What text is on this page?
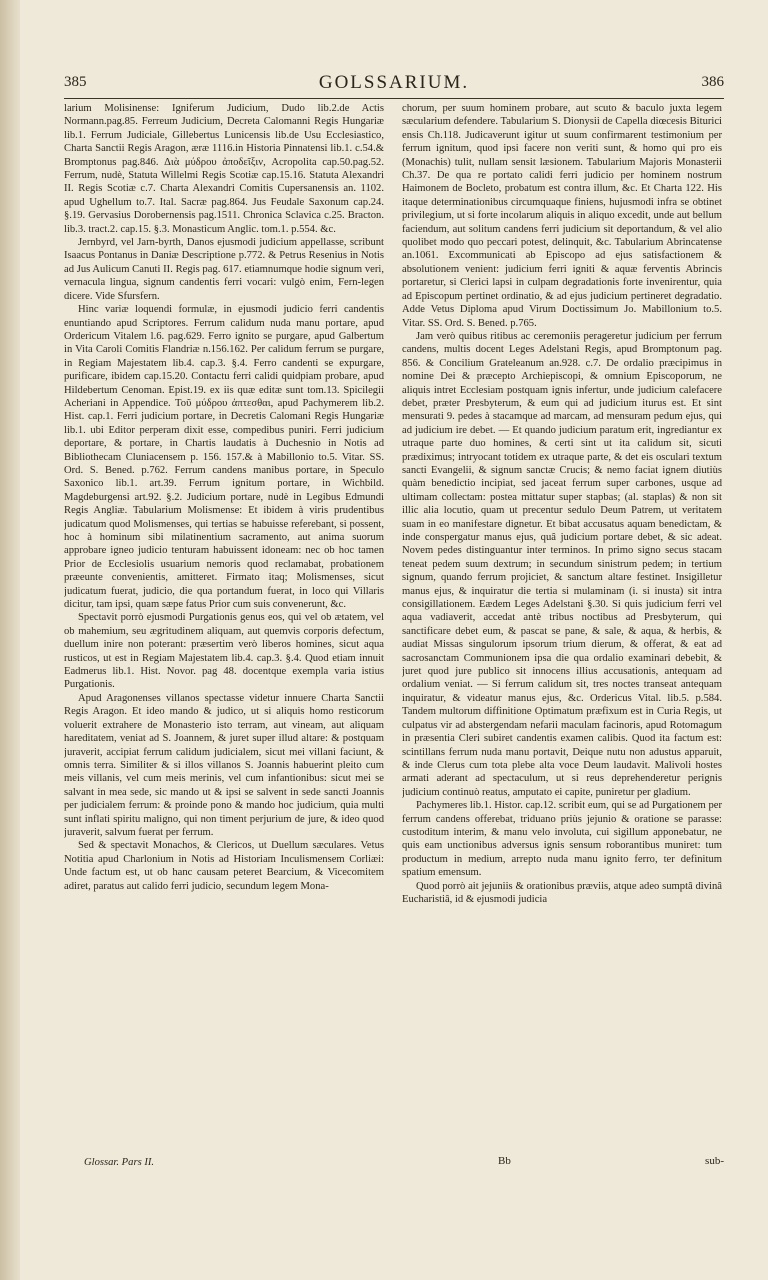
385	GOLSSARIUM.	386

larium Molisinense: Igniferum Judicium, Dudo lib.2.de Actis Normann.pag.85. Ferreum Judicium, Decreta Calomanni Regis Hungariæ lib.1. Ferrum Judiciale, Gillebertus Lunicensis lib.de Usu Ecclesiastico, Charta Sanctii Regis Aragon, æræ 1116.in Historia Pinnatensi lib.1. c.54.& Bromptonus pag.846. Διὰ μύδρου ἀποδεῖξιν, Acropolita cap.50.pag.52. Ferrum, nudè, Statuta Willelmi Regis Scotiæ cap.15.16. Statuta Alexandri II. Regis Scotiæ c.7. Charta Alexandri Comitis Cupersanensis an. 1102. apud Ughellum to.7. Ital. Sacræ pag.864. Jus Feudale Saxonum cap.24. §.19. Gervasius Dorobernensis pag.1511. Chronica Sclavica c.25. Bracton. lib.3. tract.2. cap.15. §.3. Monasticum Anglic. tom.1. p.554. &c.

Jernbyrd, vel Jarn-byrth, Danos ejusmodi judicium appellasse, scribunt Isaacus Pontanus in Daniæ Descriptione p.772. & Petrus Resenius in Notis ad Jus Aulicum Canuti II. Regis pag. 617. etiamnumque hodie signum veri, vernacula lingua, signum candentis ferri vocari: vulgò enim, Fern-legen dicere. Vide Sfursfern.

Hinc variæ loquendi formulæ, in ejusmodi judicio ferri candentis enuntiando apud Scriptores. Ferrum calidum nuda manu portare, apud Ordericum Vitalem l.6. pag.629. Ferro ignito se purgare, apud Galbertum in Vita Caroli Comitis Flandriæ n.156.162. Per calidum ferrum se purgare, in Regiam Majestatem lib.4. cap.3. §.4. Ferro candenti se expurgare, purificare, ibidem cap.15.20. Contactu ferri calidi quidpiam probare, apud Hildebertum Cenoman. Epist.19. ex iis quæ editæ sunt tom.13. Spicilegii Acheriani in Appendice. Τοῦ μύδρου ἀπτεσθαι, apud Pachymerem lib.2. Hist. cap.1. Ferri judicium portare, in Decretis Calomani Regis Hungariæ lib.1. ubi Editor perperam dixit esse, compedibus puniri. Ferri judicium deportare, & portare, in Chartis laudatis à Duchesnio in Notis ad Bibliothecam Cluniacensem p. 156. 157.& à Mabillonio to.5. Vitar. SS. Ord. S. Bened. p.762. Ferrum candens manibus portare, in Speculo Saxonico lib.1. art.39. Ferrum ignitum portare, in Wichbild. Magdeburgensi art.92. §.2. Judicium portare, nudè in Legibus Edmundi Regis Angliæ. Tabularium Molismense: Et ibidem à viris prudentibus judicatum quod Molismenses, qui tertias se habuisse referebant, si possent, hoc à hominum sibi milatinentium sacramento, aut anima suorum approbare igneo judicio tenturam habuissent idoneam: nec ob hoc tamen Prior de Ecclesiolis usuarium nemoris quod reclamabat, probationem præeunte convenientis, amitteret. Firmato itaq; Molismenses, sicut judicatum fuerat, judicio, die qua portandum fuerat, in loco qui Villaris dicitur, tam ipsi, quam sæpe fatus Prior cum suis convenerunt, &c.

Spectavit porrò ejusmodi Purgationis genus eos, qui vel ob ætatem, vel ob mahemium, seu ægritudinem aliquam, aut quemvis corporis defectum, duellum inire non poterant: præsertim verò liberos homines, sicut aqua rusticos, ut est in Regiam Majestatem lib.4. cap.3. §.4. Quod etiam innuit Eadmerus lib.1. Hist. Novor. pag 48. docentque exempla varia istius Purgationis.

Apud Aragonenses villanos spectasse videtur innuere Charta Sanctii Regis Aragon. Et ideo mando & judico, ut si aliquis homo resticorum voluerit extrahere de Monasterio isto terram, aut vineam, aut aliquam hareditatem, veniat ad S. Joannem, & juret super illud altare: & postquam juraverit, accipiat ferrum calidum judicialem, sicut mei villani faciunt, & omnis terra. Similiter & si illos villanos S. Joannis habuerint pleito cum meis villanis, vel cum meis merinis, vel cum infantionibus: sicut mei se salvant in mea sede, sic mando ut & ipsi se salvent in sede sancti Joannis per judicialem ferrum: & proinde pono & mando hoc judicium, quia multi sunt inflati spiritu maligno, qui non timent perjurium de jure, & ideo quod juraverit, salvum fuerat per ferrum.

Sed & spectavit Monachos, & Clericos, ut Duellum sæculares. Vetus Notitia apud Charlonium in Notis ad Historiam Inculismensem Corliæi: Unde factum est, ut ob hanc causam peteret Bearcium, & Vicecomitem adiret, paratus aut calido ferri judicio, secundum legem Mona-

chorum, per suum hominem probare, aut scuto & baculo juxta legem sæcularium defendere. Tabularium S. Dionysii de Capella diœcesis Biturici ensis Ch.118. Judicaverunt igitur ut suum confirmarent testimonium per ferrum ignitum, quod ipsi facere non veriti sunt, & homo qui pro eis (Monachis) tulit, nullam sensit læsionem. Tabularium Majoris Monasterii Ch.37. De qua re portato calidi ferri judicio per hominem nostrum Haimonem de Bocleto, probatum est contra illum, &c. Et Charta 122. His itaque determinationibus circumquaque finiens, hujusmodi infra se obtinet privilegium, ut si forte incolarum aliquis in aliquo excedit, unde aut bellum faciendum, aut solitum candens ferri judicium sit deportandum, & vel alio quolibet modo quo peccari potest, delinquit, &c. Tabularium Abrincatense an.1061. Excommunicati ab Episcopo ad ejus satisfactionem & absolutionem venient: judicium ferri igniti & aquæ ferventis Abrincis portaretur, si Clerici lapsi in culpam degradationis forte invenirentur, quia ad Episcopum pertinet ordinatio, & ad ejus judicium pertineret degradatio. Adde Vetus Diploma apud Virum Doctissimum Jo. Mabillonium to.5. Vitar. SS. Ord. S. Bened. p.765.

Jam verò quibus ritibus ac ceremoniis perageretur judicium per ferrum candens, multis docent Leges Adelstani Regis, apud Bromptonum pag. 856. & Concilium Grateleanum an.928. c.7. De ordalio præcipimus in nomine Dei & præcepto Archiepiscopi, & omnium Episcoporum, ne aliquis intret Ecclesiam postquam ignis infertur, unde judicium calefacere debet, præter Presbyterum, & eum qui ad judicium iturus est. Et sint mensurati 9. pedes à stacamque ad marcam, ad mensuram pedum ejus, qui ad judicium ire debet. — Et quando judicium paratum erit, ingrediantur ex utraque parte duo homines, & certi sint ut ita calidum sit, sicuti prædiximus; intryocant totidem ex utraque parte, & det eis osculari textum sancti Evangelii, & signum sanctæ Crucis; & nemo faciat ignem diutiùs quàm benedictio incipiat, sed jaceat ferrum super carbones, usque ad ultimam collectam: postea mittatur super stapbas; (al. staplas) & non sit illic alia locutio, quam ut precentur sedulo Deum Patrem, ut veritatem suam in eo manifestare dignetur. Et bibat accusatus aquam benedictam, & inde conspergatur manus ejus, quâ judicium portare debet, & sic adeat. Novem pedes distinguantur inter terminos. In primo signo secus stacam teneat pedem suum dextrum; in secundum sinistrum pedem; in tertium signum, quando ferrum projiciet, & sanctum altare festinet. Insigilletur manus ejus, & inquiratur die tertia si mulaminam (i. si inusta) sit intra consigillationem. Eædem Leges Adelstani §.30. Si quis judicium ferri vel aqua vadiaverit, accedat antè tribus noctibus ad Presbyterum, qui sanctificare debet eum, & pascat se pane, & sale, & aqua, & herbis, & audiat Missas singulorum ipsorum trium dierum, & offerat, & eat ad sacrosanctam Communionem ipsa die qua ordalio examinari debebit, & juret quod jure publico sit innocens illius accusationis, antequam ad ordalium veniat. — Si ferrum calidum sit, tres noctes transeat antequam inquiratur, & videatur manus ejus, &c. Ordericus Vital. lib.5. p.584. Tandem multorum diffinitione Optimatum præfixum est in Curia Regis, ut culpatus vir ad abstergendam nefarii maculam facinoris, apud Rotomagum in præsentia Cleri subiret candentis examen calibis. Quod ita factum est: scintillans ferrum nuda manu portavit, Deique nutu non adustus apparuit, & inde Clerus cum tota plebe alta voce Deum laudavit. Malivoli hostes armati aderant ad spectaculum, ut si reus deprehenderetur perignis judicium continuò reatus, amputato ei capite, puniretur per gladium.

Pachymeres lib.1. Histor. cap.12. scribit eum, qui se ad Purgationem per ferrum candens offerebat, triduano priùs jejunio & oratione se parasse: custoditum interim, & manu velo involuta, cui sigillum apponebatur, ne quis eam unctionibus adversus ignis sensum roborantibus muniret: tum productum in medium, arrepto nuda manu ignito ferro, ter definitum spatium emensum.

Quod porrò ait jejuniis & orationibus præviis, atque adeo sumptâ divinâ Eucharistiâ, id & ejusmodi judicia

Glossar. Pars II.	Bb	sub-
